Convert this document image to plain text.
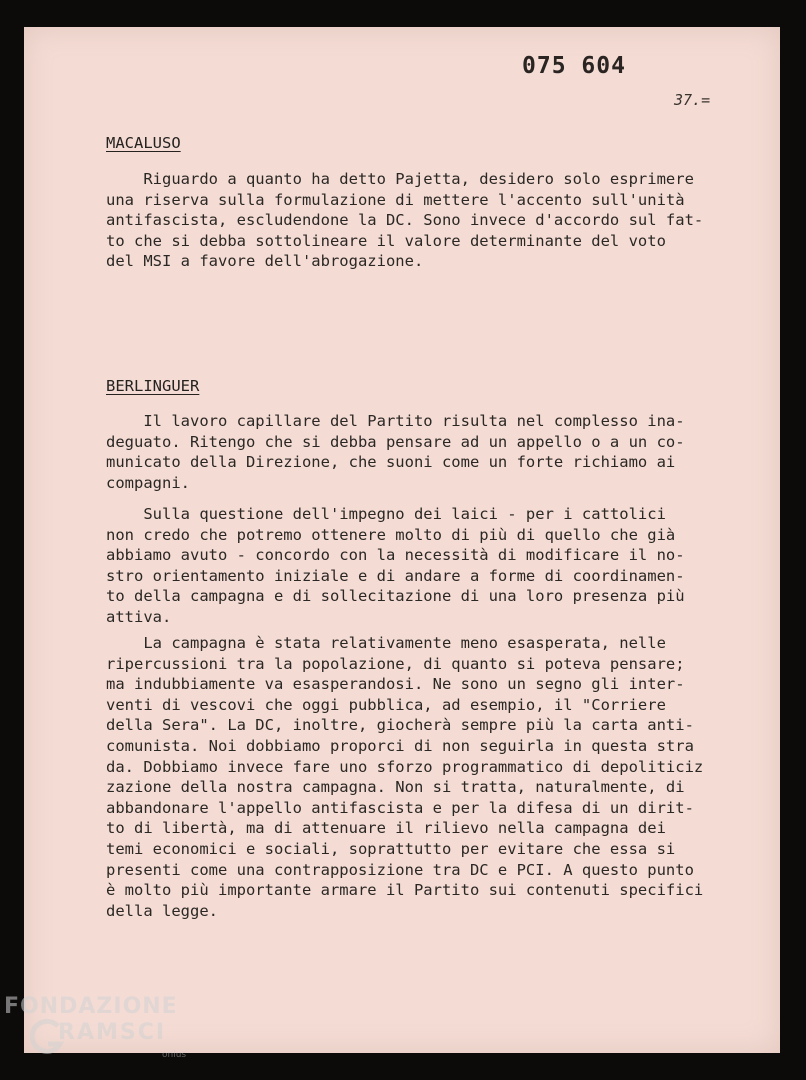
075 604
37.=
MACALUSO
Riguardo a quanto ha detto Pajetta, desidero solo esprimere
una riserva sulla formulazione di mettere l'accento sull'unità
antifascista, escludendone la DC. Sono invece d'accordo sul fat-
to che si debba sottolineare il valore determinante del voto
del MSI a favore dell'abrogazione.
BERLINGUER
Il lavoro capillare del Partito risulta nel complesso ina-
deguato. Ritengo che si debba pensare ad un appello o a un co-
municato della Direzione, che suoni come un forte richiamo ai
compagni.
Sulla questione dell'impegno dei laici - per i cattolici
non credo che potremo ottenere molto di più di quello che già
abbiamo avuto - concordo con la necessità di modificare il no-
stro orientamento iniziale e di andare a forme di coordinamen-
to della campagna e di sollecitazione di una loro presenza più
attiva.
La campagna è stata relativamente meno esasperata, nelle
ripercussioni tra la popolazione, di quanto si poteva pensare;
ma indubbiamente va esasperandosi. Ne sono un segno gli inter-
venti di vescovi che oggi pubblica, ad esempio, il "Corriere
della Sera". La DC, inoltre, giocherà sempre più la carta anti-
comunista. Noi dobbiamo proporci di non seguirla in questa stra
da. Dobbiamo invece fare uno sforzo programmatico di depoliticiz
zazione della nostra campagna. Non si tratta, naturalmente, di
abbandonare l'appello antifascista e per la difesa di un dirit-
to di libertà, ma di attenuare il rilievo nella campagna dei
temi economici e sociali, soprattutto per evitare che essa si
presenti come una contrapposizione tra DC e PCI. A questo punto
è molto più importante armare il Partito sui contenuti specifici
della legge.
FONDAZIONE
RAMSCI
onlus
